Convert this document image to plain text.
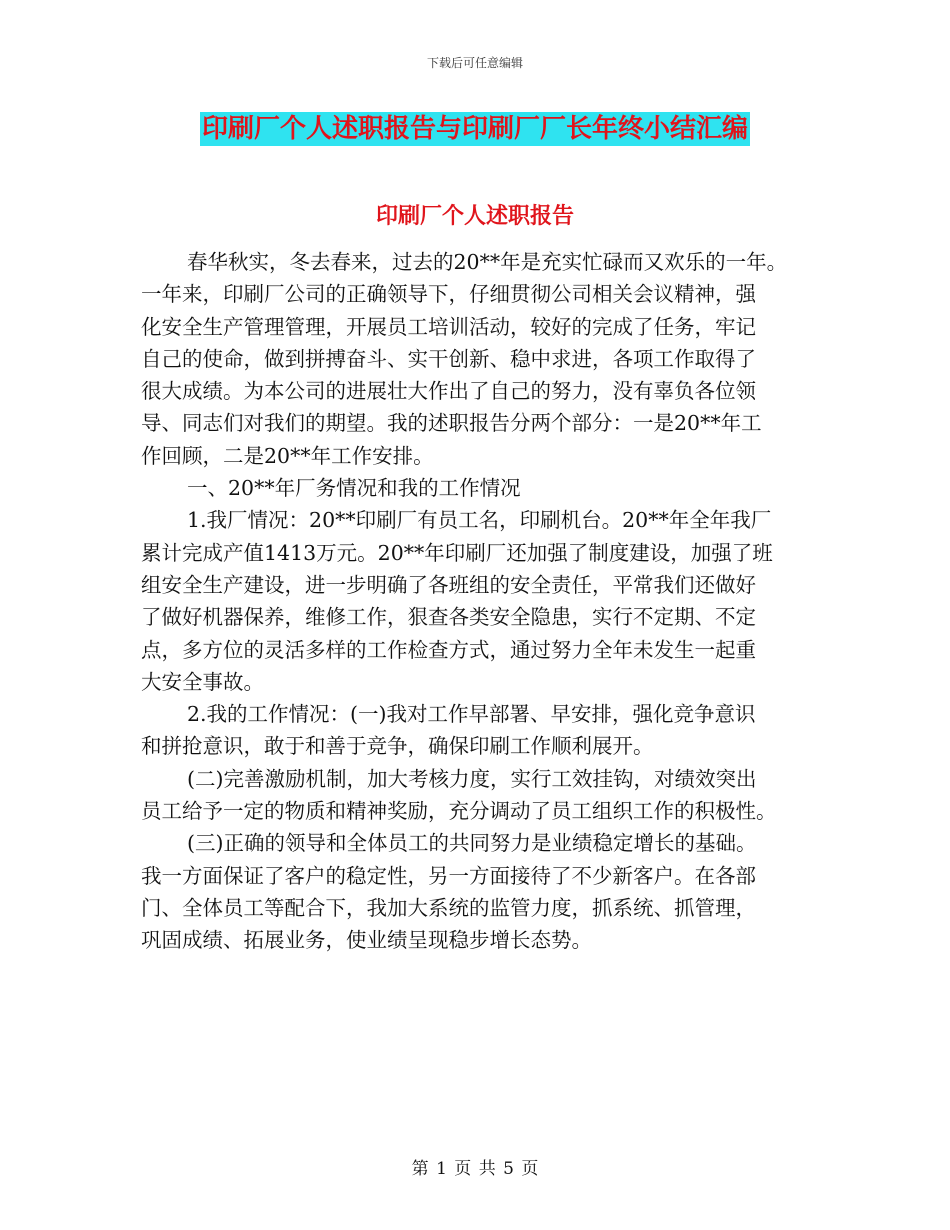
下载后可任意编辑
印刷厂个人述职报告与印刷厂厂长年终小结汇编
印刷厂个人述职报告
春华秋实，冬去春来，过去的20**年是充实忙碌而又欢乐的一年。
一年来，印刷厂公司的正确领导下，仔细贯彻公司相关会议精神，强
化安全生产管理管理，开展员工培训活动，较好的完成了任务，牢记
自己的使命，做到拼搏奋斗、实干创新、稳中求进，各项工作取得了
很大成绩。为本公司的进展壮大作出了自己的努力，没有辜负各位领
导、同志们对我们的期望。我的述职报告分两个部分：一是20**年工
作回顾，二是20**年工作安排。
一、20**年厂务情况和我的工作情况
1.我厂情况：20**印刷厂有员工名，印刷机台。20**年全年我厂
累计完成产值1413万元。20**年印刷厂还加强了制度建设，加强了班
组安全生产建设，进一步明确了各班组的安全责任，平常我们还做好
了做好机器保养，维修工作，狠查各类安全隐患，实行不定期、不定
点，多方位的灵活多样的工作检查方式，通过努力全年未发生一起重
大安全事故。
2.我的工作情况：(一)我对工作早部署、早安排，强化竞争意识
和拼抢意识，敢于和善于竞争，确保印刷工作顺利展开。
(二)完善激励机制，加大考核力度，实行工效挂钩，对绩效突出
员工给予一定的物质和精神奖励，充分调动了员工组织工作的积极性。
(三)正确的领导和全体员工的共同努力是业绩稳定增长的基础。
我一方面保证了客户的稳定性，另一方面接待了不少新客户。在各部
门、全体员工等配合下，我加大系统的监管力度，抓系统、抓管理，
巩固成绩、拓展业务，使业绩呈现稳步增长态势。
第 1 页 共 5 页
